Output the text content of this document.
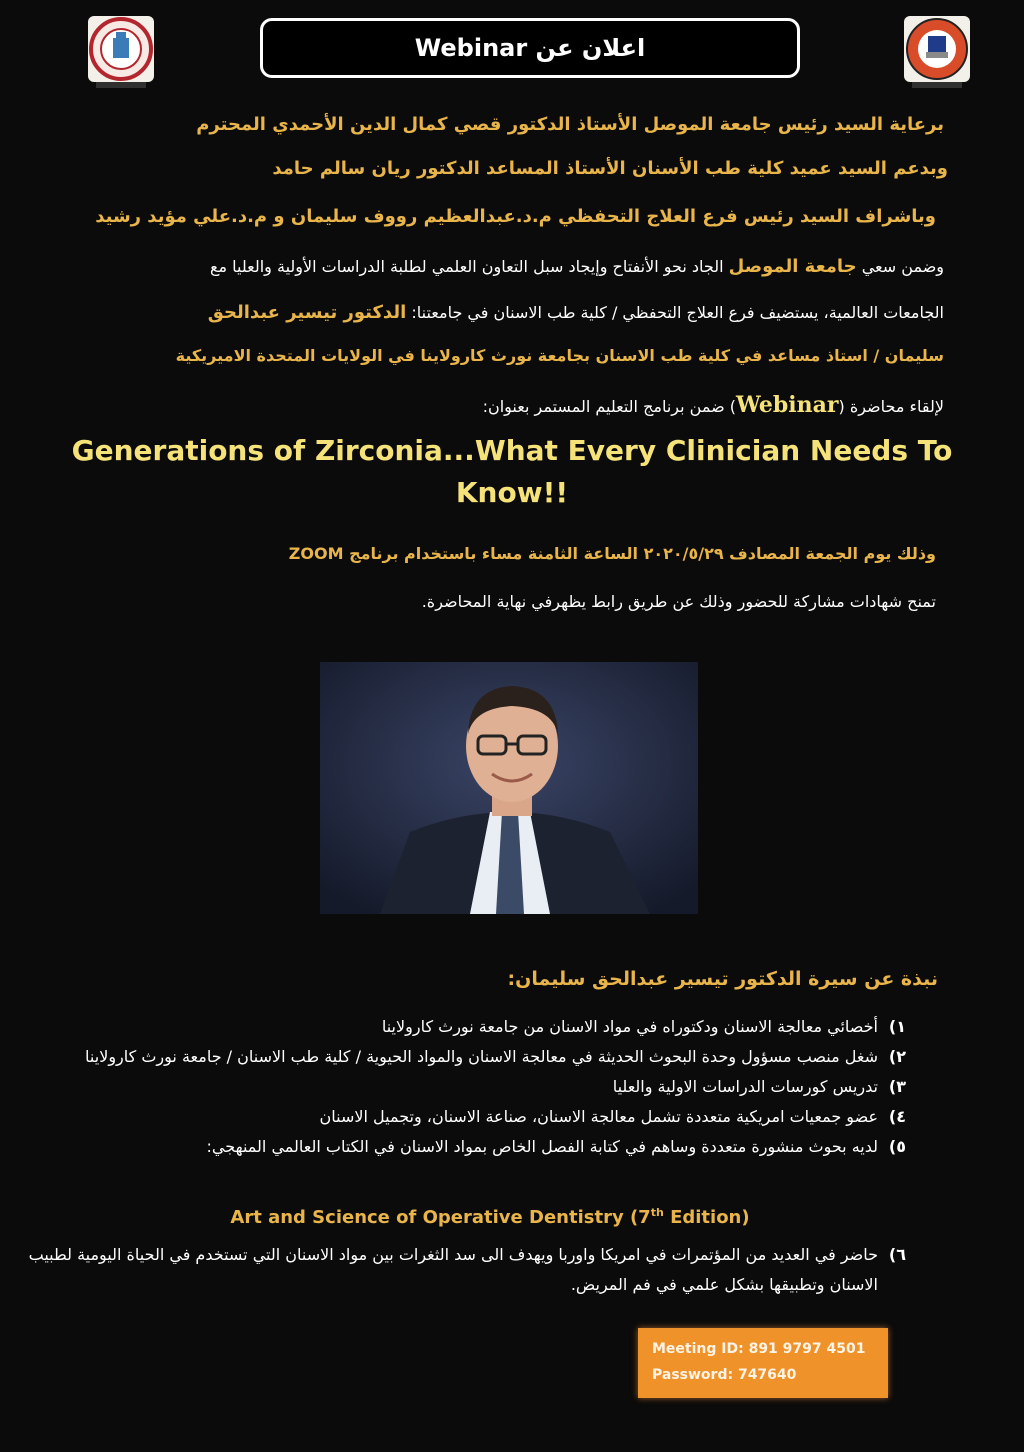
اعلان عن Webinar
برعاية السيد رئيس جامعة الموصل الأستاذ الدكتور قصي كمال الدين الأحمدي المحترم
وبدعم السيد عميد كلية طب الأسنان الأستاذ المساعد الدكتور ريان سالم حامد
وباشراف السيد رئيس فرع العلاج التحفظي م.د.عبدالعظيم رووف سليمان و م.د.علي مؤيد رشيد
وضمن سعي جامعة الموصل الجاد نحو الأنفتاح وإيجاد سبل التعاون العلمي لطلبة الدراسات الأولية والعليا مع
الجامعات العالمية، يستضيف فرع العلاج التحفظي / كلية طب الاسنان في جامعتنا: الدكتور تيسير عبدالحق
سليمان / استاذ مساعد في كلية طب الاسنان بجامعة نورث كارولاينا في الولايات المتحدة الاميريكية
لإلقاء محاضرة (Webinar) ضمن برنامج التعليم المستمر بعنوان:
Generations of Zirconia...What Every Clinician Needs To Know!!
وذلك يوم الجمعة المصادف ٢٠٢٠/٥/٢٩ الساعة الثامنة مساء باستخدام برنامج ZOOM
تمنح شهادات مشاركة للحضور وذلك عن طريق رابط يظهرفي نهاية المحاضرة.
نبذة عن سيرة الدكتور تيسير عبدالحق سليمان:
١)
أخصائي معالجة الاسنان ودكتوراه في مواد الاسنان من جامعة نورث كارولاينا
٢)
شغل منصب مسؤول وحدة البحوث الحديثة في معالجة الاسنان والمواد الحيوية / كلية طب الاسنان / جامعة نورث كارولاينا
٣)
تدريس كورسات الدراسات الاولية والعليا
٤)
عضو جمعيات امريكية متعددة تشمل معالجة الاسنان، صناعة الاسنان، وتجميل الاسنان
٥)
لديه بحوث منشورة متعددة وساهم في كتابة الفصل الخاص بمواد الاسنان في الكتاب العالمي المنهجي:
Art and Science of Operative Dentistry (7th Edition)
٦)
حاضر في العديد من المؤتمرات في امريكا واوربا ويهدف الى سد الثغرات بين مواد الاسنان التي تستخدم في الحياة اليومية لطبيب الاسنان وتطبيقها بشكل علمي في فم المريض.
Meeting ID: 891 9797 4501
Password: 747640
